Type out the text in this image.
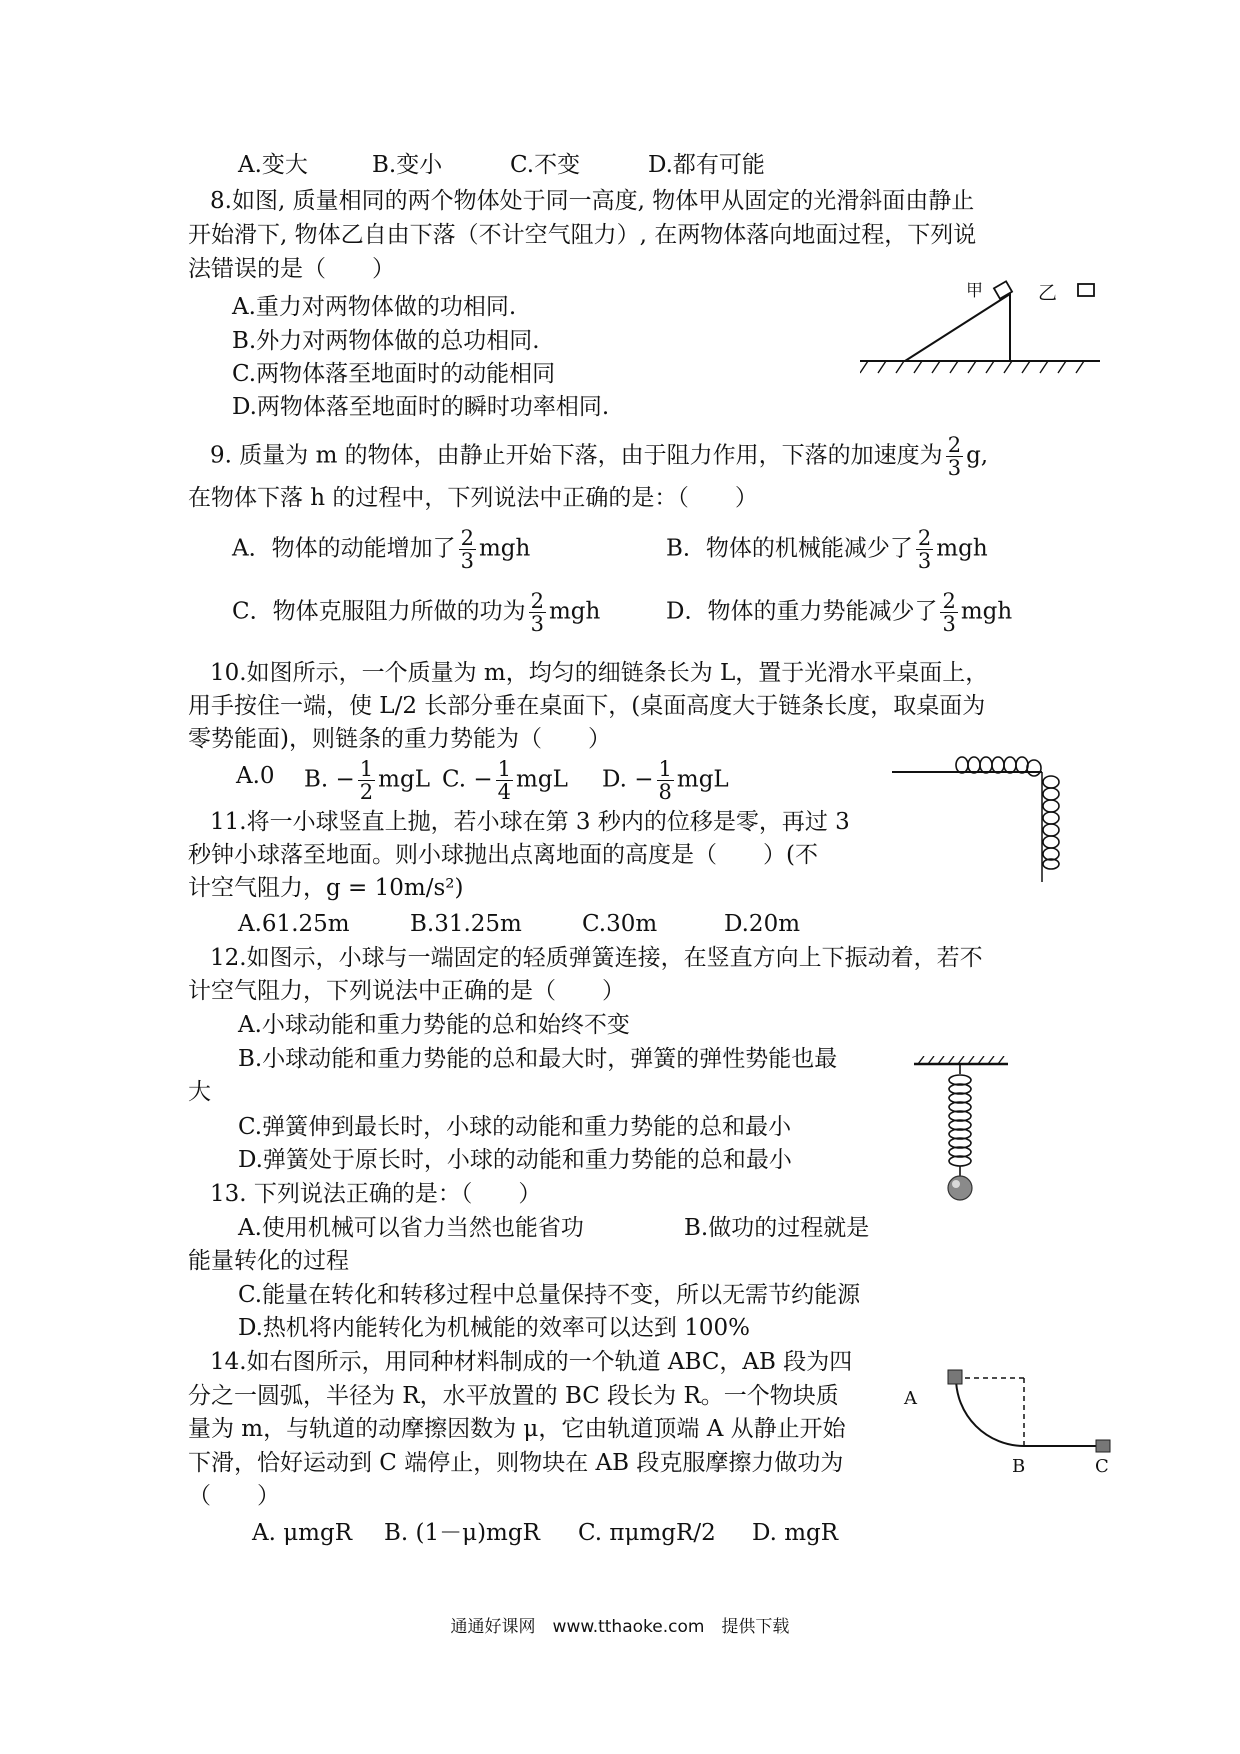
A.变大	B.变小	C.不变	D.都有可能
8.如图, 质量相同的两个物体处于同一高度, 物体甲从固定的光滑斜面由静止
开始滑下, 物体乙自由下落（不计空气阻力）, 在两物体落向地面过程，下列说
法错误的是（　　）
A.重力对两物体做的功相同.
B.外力对两物体做的总功相同.
C.两物体落至地面时的动能相同
D.两物体落至地面时的瞬时功率相同.
甲	乙
9. 质量为 m 的物体，由静止开始下落，由于阻力作用，下落的加速度为 $\frac{2}{3} g$,
在物体下落 h 的过程中，下列说法中正确的是：（　　）
A．物体的动能增加了 $\frac{2}{3}$ mgh	B．物体的机械能减少了 $\frac{2}{3}$ mgh
C．物体克服阻力所做的功为 $\frac{2}{3}$ mgh	D．物体的重力势能减少了 $\frac{2}{3}$ mgh
10.如图所示，一个质量为 m，均匀的细链条长为 L，置于光滑水平桌面上，
用手按住一端，使 L/2 长部分垂在桌面下，(桌面高度大于链条长度，取桌面为
零势能面)，则链条的重力势能为（　　）
A.0 B. − $\frac{1}{2}$ mgL C. − $\frac{1}{4}$ mgL D. − $\frac{1}{8}$ mgL
11.将一小球竖直上抛，若小球在第 3 秒内的位移是零，再过 3
秒钟小球落至地面。则小球抛出点离地面的高度是（　　）(不
计空气阻力，g = 10m/s²)
A.61.25m	B.31.25m	C.30m	D.20m
12.如图示，小球与一端固定的轻质弹簧连接，在竖直方向上下振动着，若不
计空气阻力，下列说法中正确的是（　　）
A.小球动能和重力势能的总和始终不变
B.小球动能和重力势能的总和最大时，弹簧的弹性势能也最
大
C.弹簧伸到最长时，小球的动能和重力势能的总和最小
D.弹簧处于原长时，小球的动能和重力势能的总和最小
13. 下列说法正确的是：（　　）
A.使用机械可以省力当然也能省功	B.做功的过程就是
能量转化的过程
C.能量在转化和转移过程中总量保持不变，所以无需节约能源
D.热机将内能转化为机械能的效率可以达到 100%
14.如右图所示，用同种材料制成的一个轨道 ABC，AB 段为四
分之一圆弧，半径为 R，水平放置的 BC 段长为 R。一个物块质
量为 m，与轨道的动摩擦因数为 μ，它由轨道顶端 A 从静止开始
下滑，恰好运动到 C 端停止，则物块在 AB 段克服摩擦力做功为
（　　）
A. μmgR B. (1－μ)mgR C. πμmgR/2 D. mgR
A
B	C
通通好课网　www.tthaoke.com　提供下载
